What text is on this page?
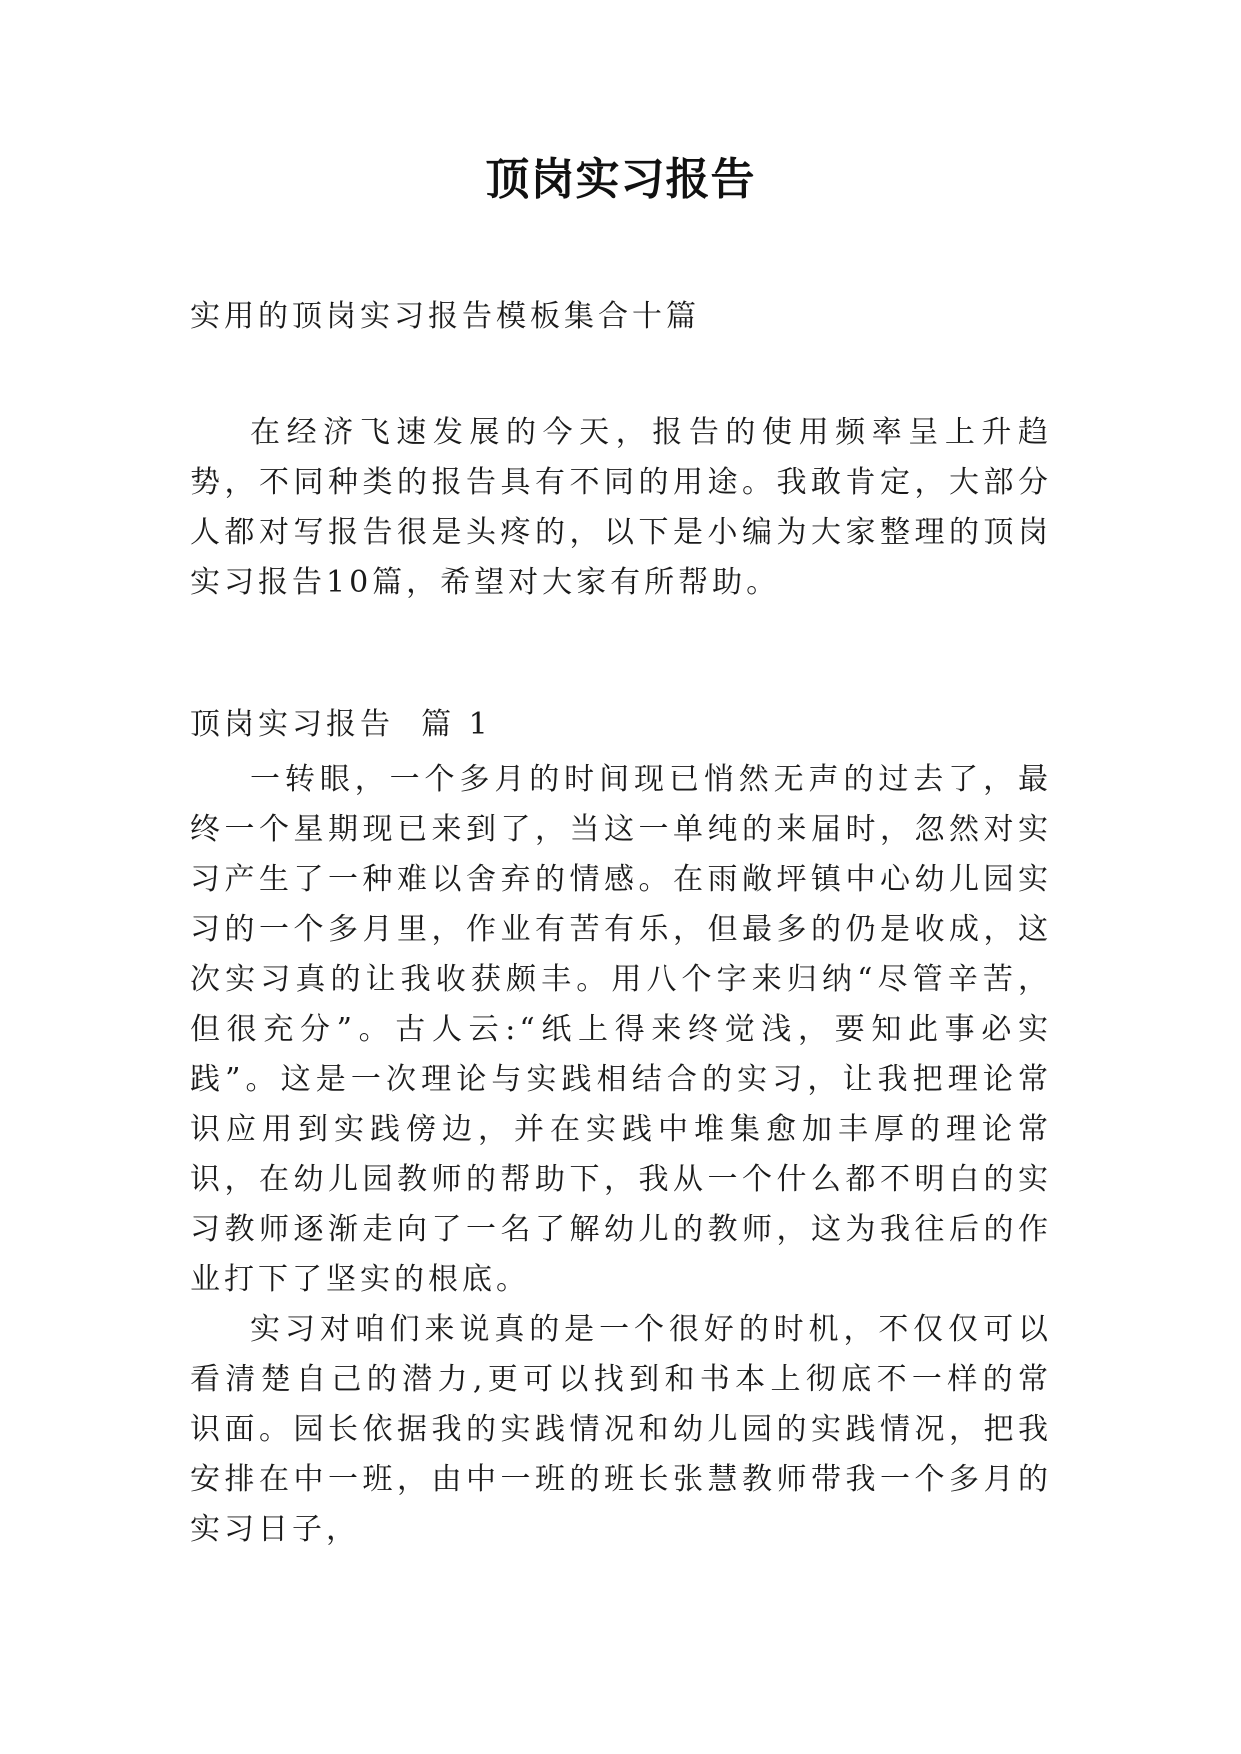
顶岗实习报告
实用的顶岗实习报告模板集合十篇

在经济飞速发展的今天，报告的使用频率呈上升趋势，不同种类的报告具有不同的用途。我敢肯定，大部分人都对写报告很是头疼的，以下是小编为大家整理的顶岗实习报告10篇，希望对大家有所帮助。

顶岗实习报告  篇 1

一转眼，一个多月的时间现已悄然无声的过去了，最终一个星期现已来到了，当这一单纯的来届时，忽然对实习产生了一种难以舍弃的情感。在雨敞坪镇中心幼儿园实习的一个多月里，作业有苦有乐，但最多的仍是收成，这次实习真的让我收获颇丰。用八个字来归纳“尽管辛苦，但很充分”。古人云:“纸上得来终觉浅，要知此事必实践”。这是一次理论与实践相结合的实习，让我把理论常识应用到实践傍边，并在实践中堆集愈加丰厚的理论常识，在幼儿园教师的帮助下，我从一个什么都不明白的实习教师逐渐走向了一名了解幼儿的教师，这为我往后的作业打下了坚实的根底。

实习对咱们来说真的是一个很好的时机，不仅仅可以看清楚自己的潜力,更可以找到和书本上彻底不一样的常识面。园长依据我的实践情况和幼儿园的实践情况，把我安排在中一班，由中一班的班长张慧教师带我一个多月的实习日子，
